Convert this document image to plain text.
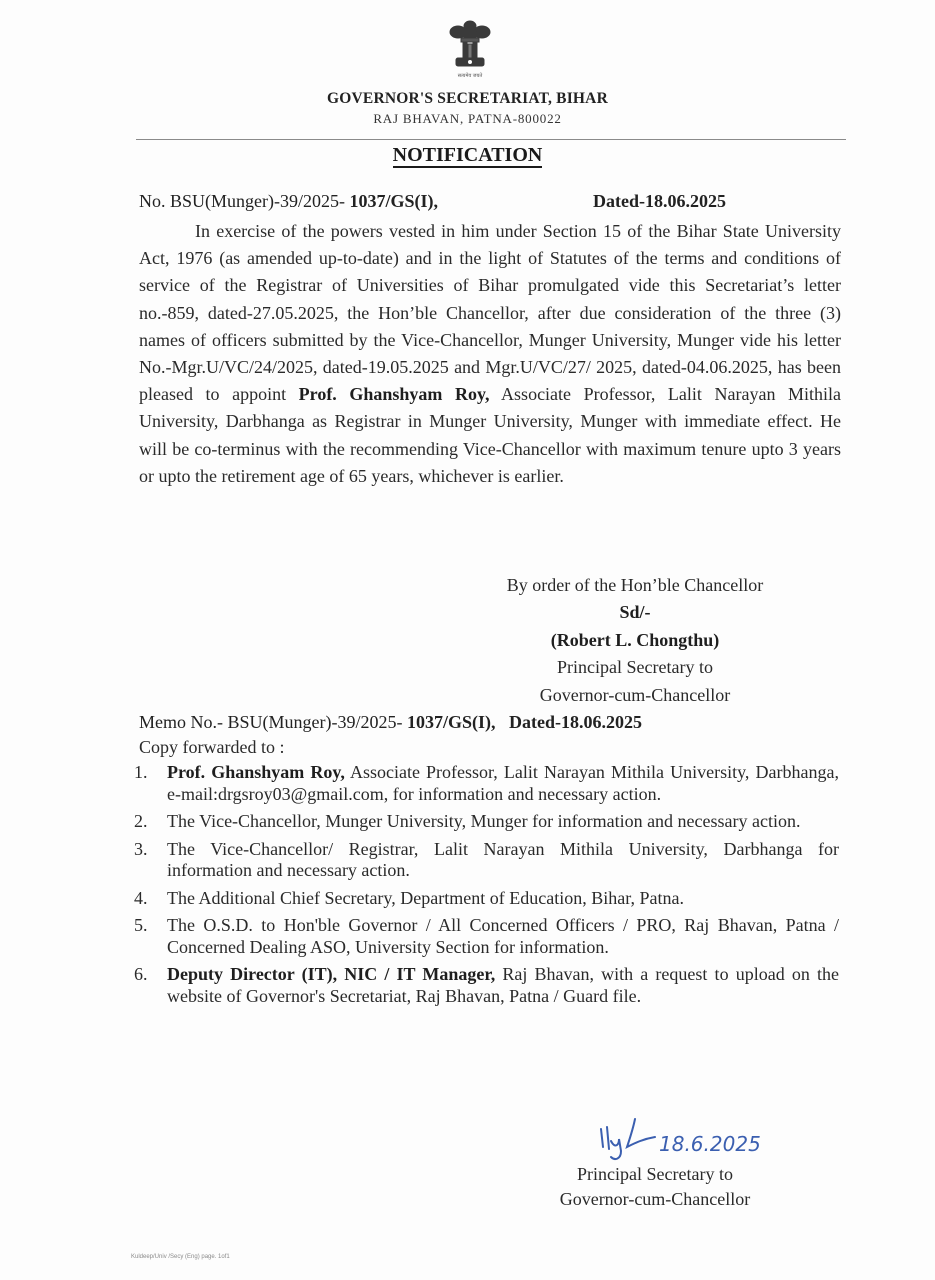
सत्यमेव जयते
GOVERNOR'S SECRETARIAT, BIHAR
RAJ BHAVAN, PATNA-800022
NOTIFICATION
No. BSU(Munger)-39/2025- 1037/GS(I),	Dated-18.06.2025
In exercise of the powers vested in him under Section 15 of the Bihar State University Act, 1976 (as amended up-to-date) and in the light of Statutes of the terms and conditions of service of the Registrar of Universities of Bihar promulgated vide this Secretariat’s letter no.-859, dated-27.05.2025, the Hon’ble Chancellor, after due consideration of the three (3) names of officers submitted by the Vice-Chancellor, Munger University, Munger vide his letter No.-Mgr.U/VC/24/2025, dated-19.05.2025 and Mgr.U/VC/27/ 2025, dated-04.06.2025, has been pleased to appoint Prof. Ghanshyam Roy, Associate Professor, Lalit Narayan Mithila University, Darbhanga as Registrar in Munger University, Munger with immediate effect. He will be co-terminus with the recommending Vice-Chancellor with maximum tenure upto 3 years or upto the retirement age of 65 years, whichever is earlier.
By order of the Hon’ble Chancellor
Sd/-
(Robert L. Chongthu)
Principal Secretary to
Governor-cum-Chancellor
Memo No.- BSU(Munger)-39/2025- 1037/GS(I), Dated-18.06.2025
Copy forwarded to :
1. Prof. Ghanshyam Roy, Associate Professor, Lalit Narayan Mithila University, Darbhanga, e-mail:drgsroy03@gmail.com, for information and necessary action.
2. The Vice-Chancellor, Munger University, Munger for information and necessary action.
3. The Vice-Chancellor/ Registrar, Lalit Narayan Mithila University, Darbhanga for information and necessary action.
4. The Additional Chief Secretary, Department of Education, Bihar, Patna.
5. The O.S.D. to Hon'ble Governor / All Concerned Officers / PRO, Raj Bhavan, Patna / Concerned Dealing ASO, University Section for information.
6. Deputy Director (IT), NIC / IT Manager, Raj Bhavan, with a request to upload on the website of Governor's Secretariat, Raj Bhavan, Patna / Guard file.
18.6.2025
Principal Secretary to
Governor-cum-Chancellor
Kuldeep/Univ /Secy (Eng) page. 1of1
